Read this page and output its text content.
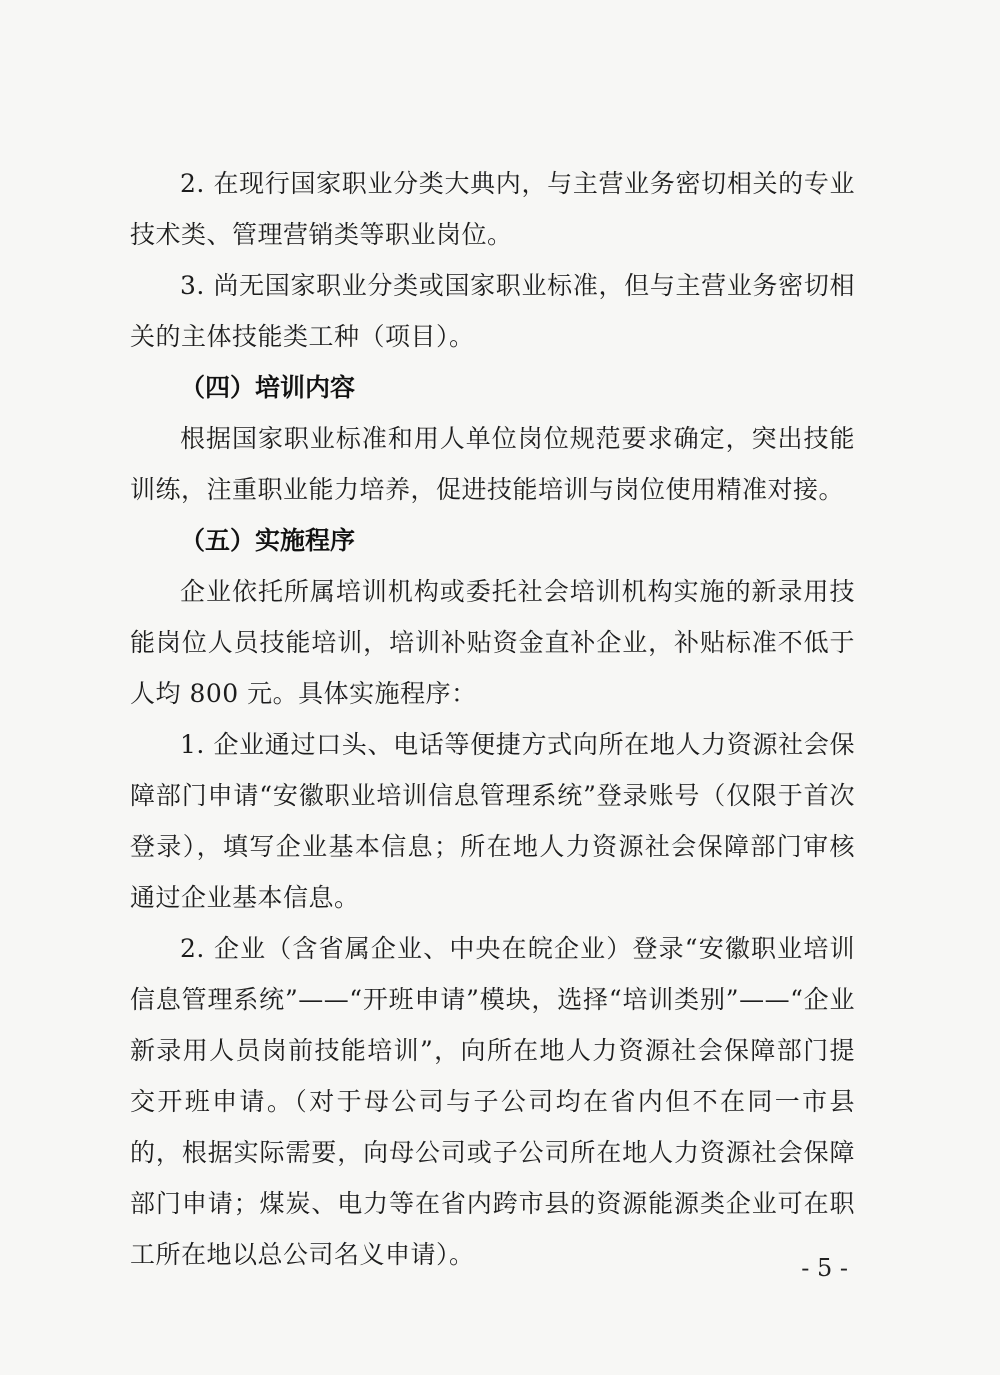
2. 在现行国家职业分类大典内，与主营业务密切相关的专业技术类、管理营销类等职业岗位。

3. 尚无国家职业分类或国家职业标准，但与主营业务密切相关的主体技能类工种（项目）。

（四）培训内容

根据国家职业标准和用人单位岗位规范要求确定，突出技能训练，注重职业能力培养，促进技能培训与岗位使用精准对接。

（五）实施程序

企业依托所属培训机构或委托社会培训机构实施的新录用技能岗位人员技能培训，培训补贴资金直补企业，补贴标准不低于人均 800 元。具体实施程序：

1. 企业通过口头、电话等便捷方式向所在地人力资源社会保障部门申请“安徽职业培训信息管理系统”登录账号（仅限于首次登录），填写企业基本信息；所在地人力资源社会保障部门审核通过企业基本信息。

2. 企业（含省属企业、中央在皖企业）登录“安徽职业培训信息管理系统”——“开班申请”模块，选择“培训类别”——“企业新录用人员岗前技能培训”，向所在地人力资源社会保障部门提交开班申请。（对于母公司与子公司均在省内但不在同一市县的，根据实际需要，向母公司或子公司所在地人力资源社会保障部门申请；煤炭、电力等在省内跨市县的资源能源类企业可在职工所在地以总公司名义申请）。	- 5 -
